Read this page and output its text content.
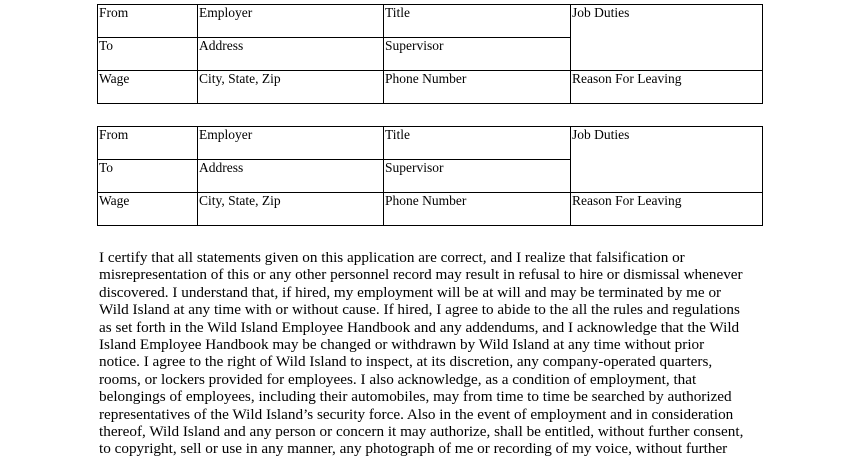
From	Employer	Title	Job Duties
To	Address	Supervisor	
Wage	City, State, Zip	Phone Number	Reason For Leaving
From	Employer	Title	Job Duties
To	Address	Supervisor	
Wage	City, State, Zip	Phone Number	Reason For Leaving

I certify that all statements given on this application are correct, and I realize that falsification or
misrepresentation of this or any other personnel record may result in refusal to hire or dismissal whenever
discovered. I understand that, if hired, my employment will be at will and may be terminated by me or
Wild Island at any time with or without cause. If hired, I agree to abide to the all the rules and regulations
as set forth in the Wild Island Employee Handbook and any addendums, and I acknowledge that the Wild
Island Employee Handbook may be changed or withdrawn by Wild Island at any time without prior
notice. I agree to the right of Wild Island to inspect, at its discretion, any company-operated quarters,
rooms, or lockers provided for employees. I also acknowledge, as a condition of employment, that
belongings of employees, including their automobiles, may from time to time be searched by authorized
representatives of the Wild Island’s security force. Also in the event of employment and in consideration
thereof, Wild Island and any person or concern it may authorize, shall be entitled, without further consent,
to copyright, sell or use in any manner, any photograph of me or recording of my voice, without further
